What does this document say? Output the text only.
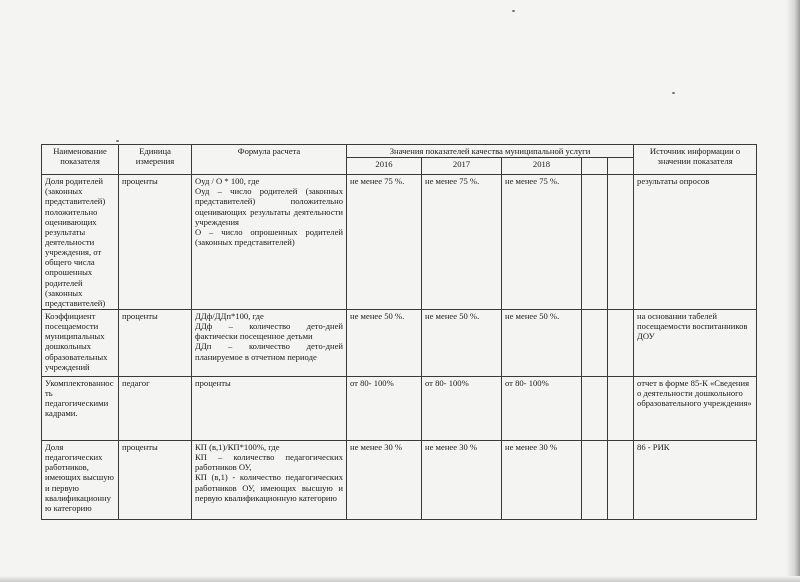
Наименование показателя	Единица измерения	Формула расчета	Значения показателей качества муниципальной услуги					Источник информации о значении показателя
			2016	2017	2018			
Доля родителей (законных представителей) положительно оценивающих результаты деятельности учреждения, от общего числа опрошенных родителей (законных представителей)	проценты	Оуд / О * 100, где
Оуд – число родителей (законных представителей) положительно оценивающих результаты деятельности учреждения
О – число опрошенных родителей (законных представителей)	не менее 75 %.	не менее 75 %.	не менее 75 %.			результаты опросов
Коэффициент посещаемости муниципальных дошкольных образовательных учреждений	проценты	ДДф/ДДп*100, где
ДДф – количество дето-дней фактически посещенное детьми
ДДп – количество дето-дней планируемое в отчетном периоде	не менее 50 %.	не менее 50 %.	не менее 50 %.			на основании табелей посещаемости воспитанников ДОУ
Укомплектованность педагогическими кадрами.	педагог	проценты	от 80- 100%	от 80- 100%	от 80- 100%			отчет в форме 85-К «Сведения о деятельности дошкольного образовательного учреждения»
Доля педагогических работников, имеющих высшую и первую квалификационную категорию	проценты	КП (в,1)/КП*100%, где
КП – количество педагогических работников ОУ,
КП (в,1) - количество педагогических работников ОУ, имеющих высшую и первую квалификационную категорию	не менее 30 %	не менее 30 %	не менее 30 %			86 - РИК
